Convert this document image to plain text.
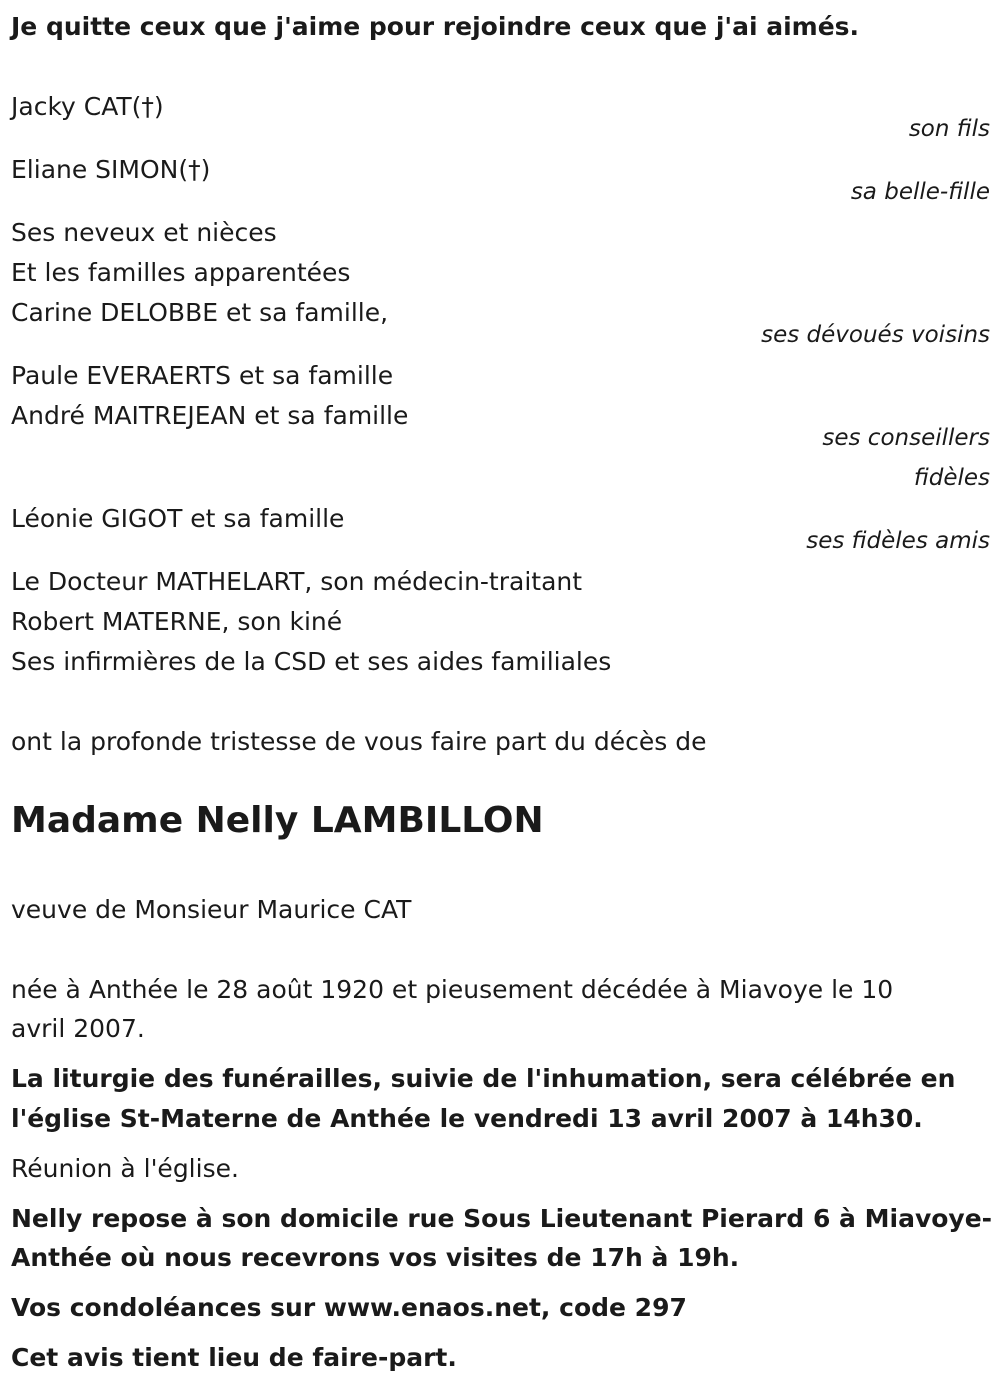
Je quitte ceux que j'aime pour rejoindre ceux que j'ai aimés.
Jacky CAT(†)
son fils
Eliane SIMON(†)
sa belle-fille
Ses neveux et nièces
Et les familles apparentées
Carine DELOBBE et sa famille,
ses dévoués voisins
Paule EVERAERTS et sa famille
André MAITREJEAN et sa famille
ses conseillers
fidèles
Léonie GIGOT et sa famille
ses fidèles amis
Le Docteur MATHELART, son médecin-traitant
Robert MATERNE, son kiné
Ses infirmières de la CSD et ses aides familiales
ont la profonde tristesse de vous faire part du décès de
Madame Nelly LAMBILLON
veuve de Monsieur Maurice CAT
née à Anthée le 28 août 1920 et pieusement décédée à Miavoye le 10
avril 2007.
La liturgie des funérailles, suivie de l'inhumation, sera célébrée en
l'église St-Materne de Anthée le vendredi 13 avril 2007 à 14h30.
Réunion à l'église.
Nelly repose à son domicile rue Sous Lieutenant Pierard 6 à Miavoye-
Anthée où nous recevrons vos visites de 17h à 19h.
Vos condoléances sur www.enaos.net, code 297
Cet avis tient lieu de faire-part.
